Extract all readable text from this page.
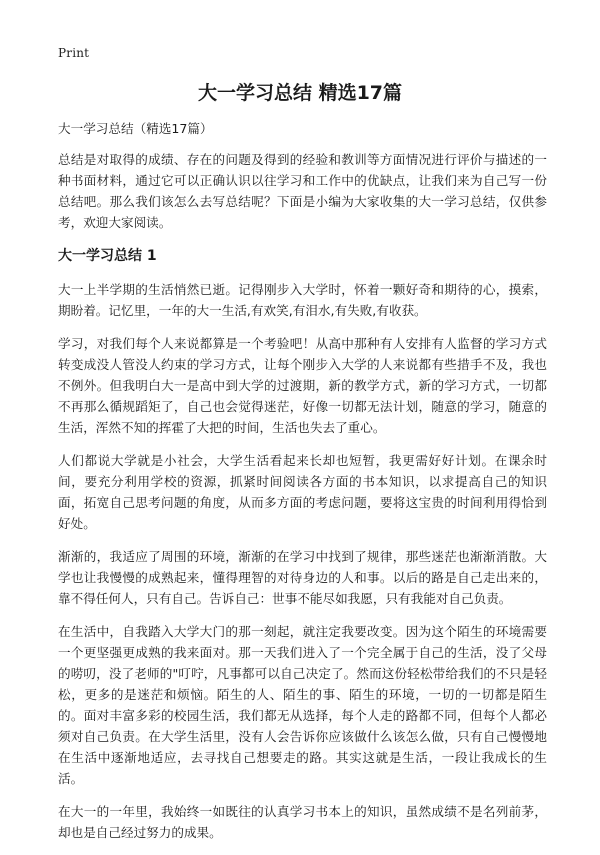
Print
大一学习总结 精选17篇

大一学习总结（精选17篇）

总结是对取得的成绩、存在的问题及得到的经验和教训等方面情况进行评价与描述的一种书面材料，通过它可以正确认识以往学习和工作中的优缺点，让我们来为自己写一份总结吧。那么我们该怎么去写总结呢？下面是小编为大家收集的大一学习总结，仅供参考，欢迎大家阅读。

大一学习总结 1

大一上半学期的生活悄然已逝。记得刚步入大学时，怀着一颗好奇和期待的心，摸索，期盼着。记忆里，一年的大一生活,有欢笑,有泪水,有失败,有收获。

学习，对我们每个人来说都算是一个考验吧！从高中那种有人安排有人监督的学习方式转变成没人管没人约束的学习方式，让每个刚步入大学的人来说都有些措手不及，我也不例外。但我明白大一是高中到大学的过渡期，新的教学方式，新的学习方式，一切都不再那么循规蹈矩了，自己也会觉得迷茫，好像一切都无法计划，随意的学习，随意的生活，浑然不知的挥霍了大把的时间，生活也失去了重心。

人们都说大学就是小社会，大学生活看起来长却也短暂，我更需好好计划。在课余时间，要充分利用学校的资源，抓紧时间阅读各方面的书本知识，以求提高自己的知识面，拓宽自己思考问题的角度，从而多方面的考虑问题，要将这宝贵的时间利用得恰到好处。

渐渐的，我适应了周围的环境，渐渐的在学习中找到了规律，那些迷茫也渐渐消散。大学也让我慢慢的成熟起来，懂得理智的对待身边的人和事。以后的路是自己走出来的，靠不得任何人，只有自己。告诉自己：世事不能尽如我愿，只有我能对自己负责。

在生活中，自我踏入大学大门的那一刻起，就注定我要改变。因为这个陌生的环境需要一个更坚强更成熟的我来面对。那一天我们进入了一个完全属于自己的生活，没了父母的唠叨，没了老师的"叮咛，凡事都可以自己决定了。然而这份轻松带给我们的不只是轻松，更多的是迷茫和烦恼。陌生的人、陌生的事、陌生的环境，一切的一切都是陌生的。面对丰富多彩的校园生活，我们都无从选择，每个人走的路都不同，但每个人都必须对自己负责。在大学生活里，没有人会告诉你应该做什么该怎么做，只有自己慢慢地在生活中逐渐地适应，去寻找自己想要走的路。其实这就是生活，一段让我成长的生活。

在大一的一年里，我始终一如既往的认真学习书本上的知识，虽然成绩不是名列前茅，却也是自己经过努力的成果。
